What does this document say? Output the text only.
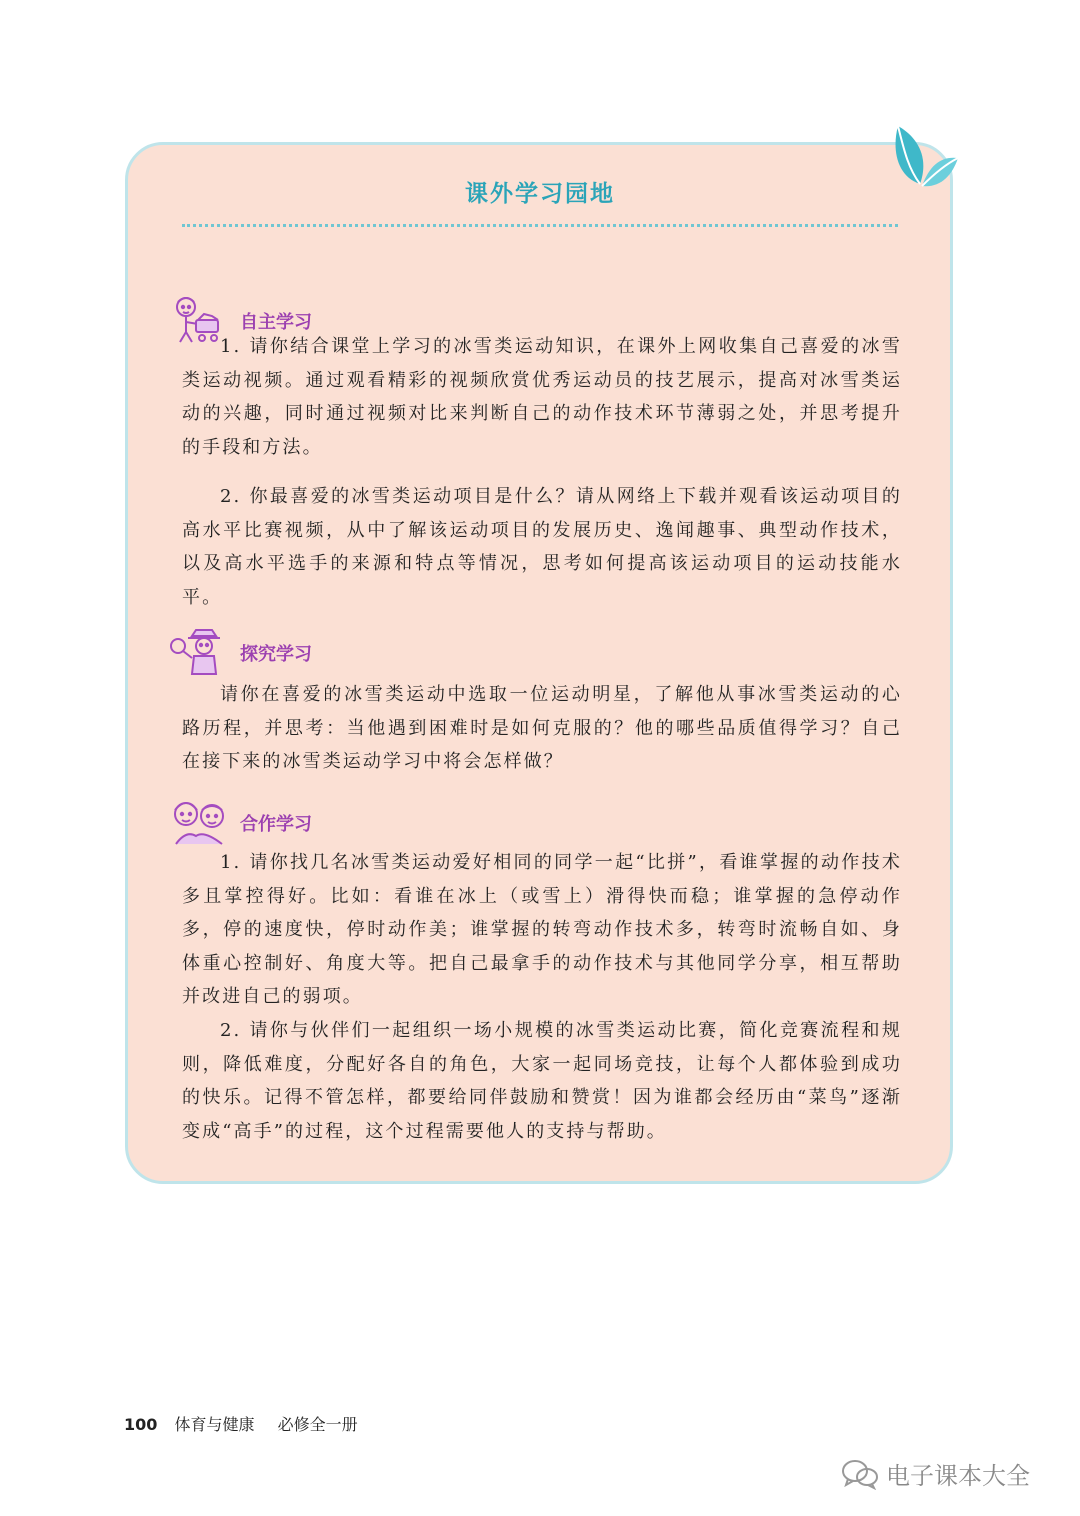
课外学习园地
自主学习

1. 请你结合课堂上学习的冰雪类运动知识，在课外上网收集自己喜爱的冰雪类运动视频。通过观看精彩的视频欣赏优秀运动员的技艺展示，提高对冰雪类运动的兴趣，同时通过视频对比来判断自己的动作技术环节薄弱之处，并思考提升的手段和方法。

2. 你最喜爱的冰雪类运动项目是什么？请从网络上下载并观看该运动项目的高水平比赛视频，从中了解该运动项目的发展历史、逸闻趣事、典型动作技术，以及高水平选手的来源和特点等情况，思考如何提高该运动项目的运动技能水平。

探究学习

请你在喜爱的冰雪类运动中选取一位运动明星，了解他从事冰雪类运动的心路历程，并思考：当他遇到困难时是如何克服的？他的哪些品质值得学习？自己在接下来的冰雪类运动学习中将会怎样做？

合作学习

1. 请你找几名冰雪类运动爱好相同的同学一起“比拼”，看谁掌握的动作技术多且掌控得好。比如：看谁在冰上（或雪上）滑得快而稳；谁掌握的急停动作多，停的速度快，停时动作美；谁掌握的转弯动作技术多，转弯时流畅自如、身体重心控制好、角度大等。把自己最拿手的动作技术与其他同学分享，相互帮助并改进自己的弱项。

2. 请你与伙伴们一起组织一场小规模的冰雪类运动比赛，简化竞赛流程和规则，降低难度，分配好各自的角色，大家一起同场竞技，让每个人都体验到成功的快乐。记得不管怎样，都要给同伴鼓励和赞赏！因为谁都会经历由“菜鸟”逐渐变成“高手”的过程，这个过程需要他人的支持与帮助。

100 体育与健康 必修全一册
电子课本大全
